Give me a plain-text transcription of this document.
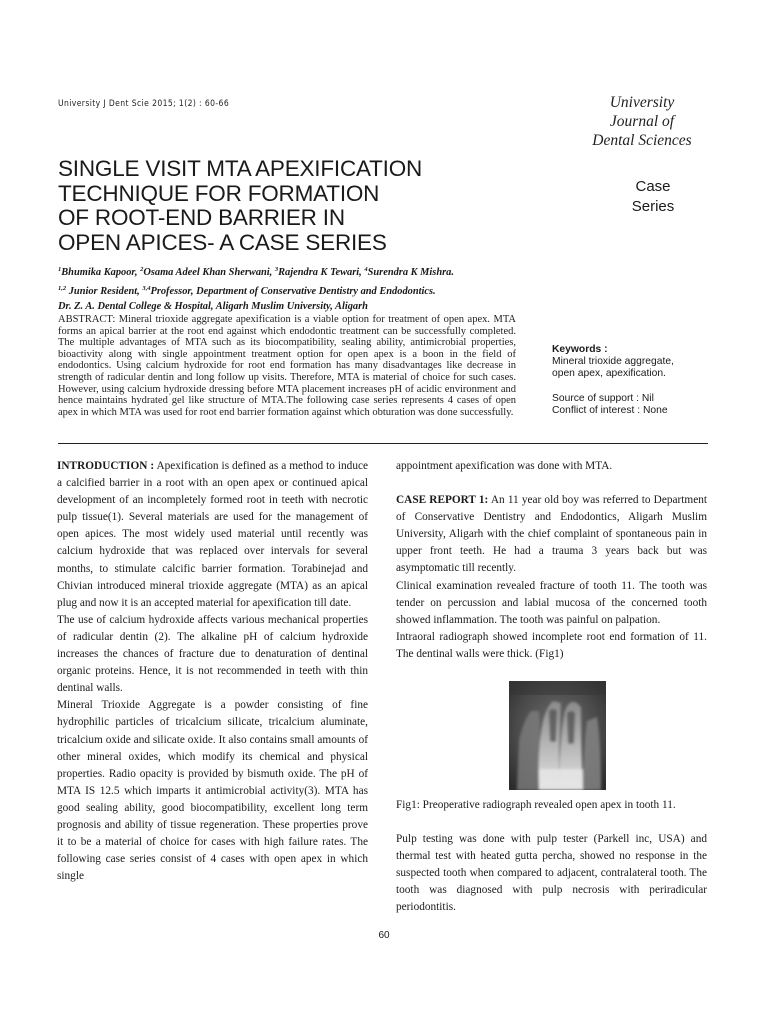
University J Dent Scie 2015; 1(2) : 60-66	University
Journal of
Dental Sciences
SINGLE VISIT MTA APEXIFICATION
TECHNIQUE FOR FORMATION
OF ROOT-END BARRIER IN
OPEN APICES- A CASE SERIES
Case
Series
$^1$Bhumika Kapoor, $^2$Osama Adeel Khan Sherwani, $^3$Rajendra K Tewari, $^4$Surendra K Mishra.
$^{1,2}$ Junior Resident, $^{3,4}$Professor, Department of Conservative Dentistry and Endodontics.
Dr. Z. A. Dental College & Hospital, Aligarh Muslim University, Aligarh
ABSTRACT: Mineral trioxide aggregate apexification is a viable option for treatment of open apex. MTA forms an apical barrier at the root end against which endodontic treatment can be successfully completed. The multiple advantages of MTA such as its biocompatibility, sealing ability, antimicrobial properties, bioactivity along with single appointment treatment option for open apex is a boon in the field of endodontics. Using calcium hydroxide for root end formation has many disadvantages like decrease in strength of radicular dentin and long follow up visits. Therefore, MTA is material of choice for such cases. However, using calcium hydroxide dressing before MTA placement increases pH of acidic environment and hence maintains hydrated gel like structure of MTA.The following case series represents 4 cases of open apex in which MTA was used for root end barrier formation against which obturation was done successfully.
Keywords :
Mineral trioxide aggregate,
open apex, apexification.
Source of support : Nil
Conflict of interest : None

INTRODUCTION : Apexification is defined as a method to induce a calcified barrier in a root with an open apex or continued apical development of an incompletely formed root in teeth with necrotic pulp tissue(1). Several materials are used for the management of open apices. The most widely used material until recently was calcium hydroxide that was replaced over intervals for several months, to stimulate calcific barrier formation. Torabinejad and Chivian introduced mineral trioxide aggregate (MTA) as an apical plug and now it is an accepted material for apexification till date.

The use of calcium hydroxide affects various mechanical properties of radicular dentin (2). The alkaline pH of calcium hydroxide increases the chances of fracture due to denaturation of dentinal organic proteins. Hence, it is not recommended in teeth with thin dentinal walls.

Mineral Trioxide Aggregate is a powder consisting of fine hydrophilic particles of tricalcium silicate, tricalcium aluminate, tricalcium oxide and silicate oxide. It also contains small amounts of other mineral oxides, which modify its chemical and physical properties. Radio opacity is provided by bismuth oxide. The pH of MTA IS 12.5 which imparts it antimicrobial activity(3). MTA has good sealing ability, good biocompatibility, excellent long term prognosis and ability of tissue regeneration. These properties prove it to be a material of choice for cases with high failure rates. The following case series consist of 4 cases with open apex in which single

appointment apexification was done with MTA.

CASE REPORT 1: An 11 year old boy was referred to Department of Conservative Dentistry and Endodontics, Aligarh Muslim University, Aligarh with the chief complaint of spontaneous pain in upper front teeth. He had a trauma 3 years back but was asymptomatic till recently.

Clinical examination revealed fracture of tooth 11. The tooth was tender on percussion and labial mucosa of the concerned tooth showed inflammation. The tooth was painful on palpation.

Intraoral radiograph showed incomplete root end formation of 11. The dentinal walls were thick. (Fig1)

Fig1: Preoperative radiograph revealed open apex in tooth 11.

Pulp testing was done with pulp tester (Parkell inc, USA) and thermal test with heated gutta percha, showed no response in the suspected tooth when compared to adjacent, contralateral tooth. The tooth was diagnosed with pulp necrosis with periradicular periodontitis.

60
